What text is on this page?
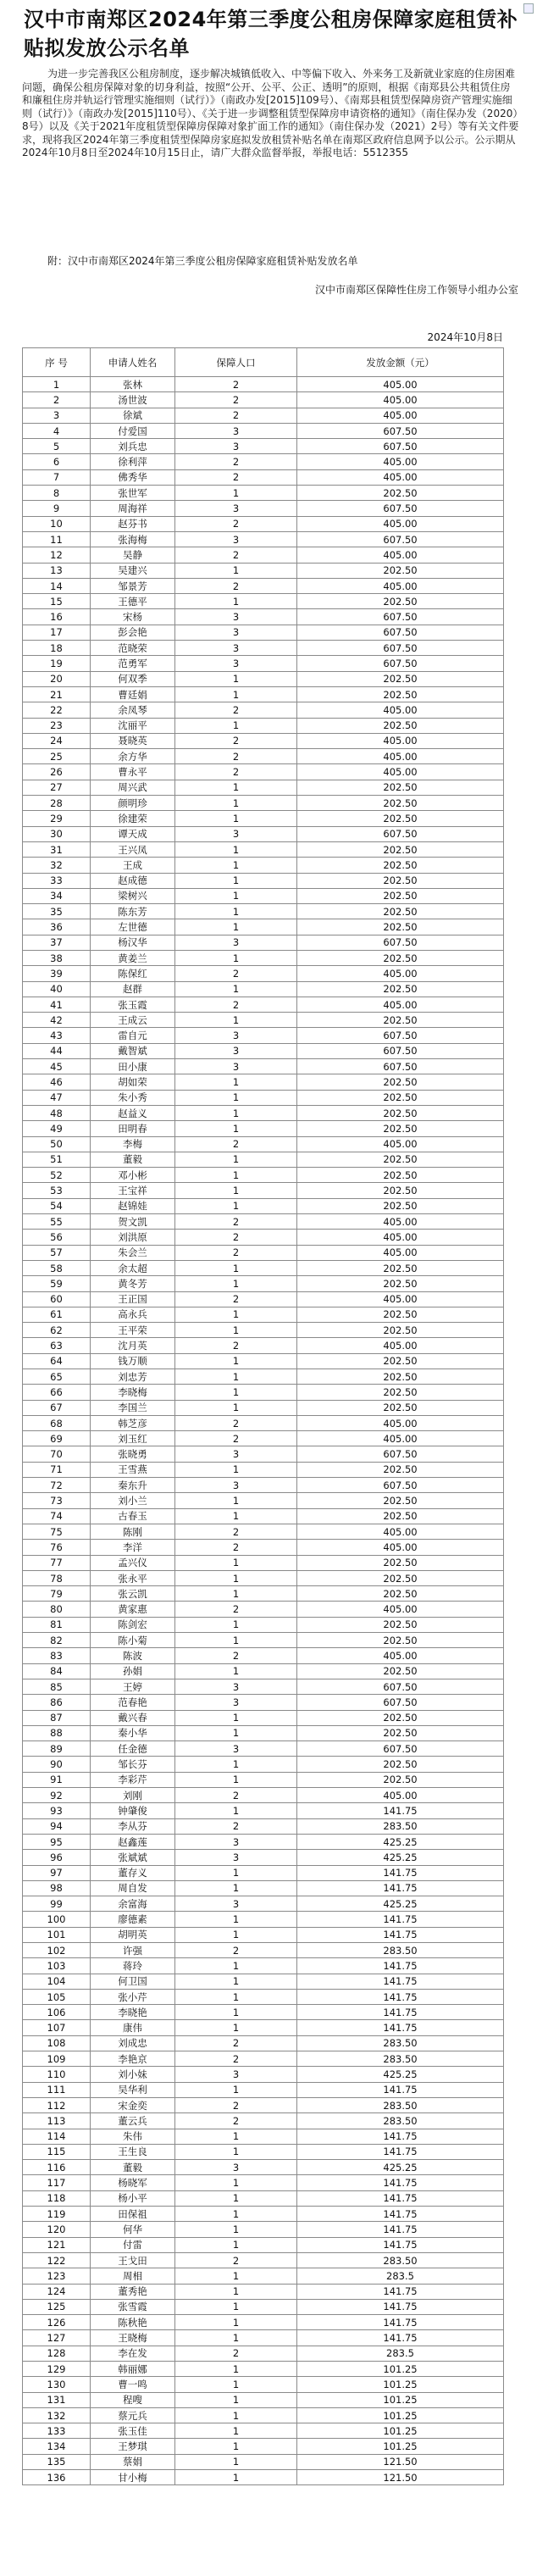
汉中市南郑区2024年第三季度公租房保障家庭租赁补贴拟发放公示名单
为进一步完善我区公租房制度，逐步解决城镇低收入、中等偏下收入、外来务工及新就业家庭的住房困难问题，确保公租房保障对象的切身利益，按照“公开、公平、公正、透明”的原则，根据《南郑县公共租赁住房和廉租住房并轨运行管理实施细则（试行）》（南政办发[2015]109号）、《南郑县租赁型保障房资产管理实施细则（试行）》（南政办发[2015]110号）、《关于进一步调整租赁型保障房申请资格的通知》（南住保办发（2020）8号）以及《关于2021年度租赁型保障房保障对象扩面工作的通知》（南住保办发（2021）2号）等有关文件要求，现将我区2024年第三季度租赁型保障房家庭拟发放租赁补贴名单在南郑区政府信息网予以公示。公示期从2024年10月8日至2024年10月15日止，请广大群众监督举报，举报电话：5512355
附：汉中市南郑区2024年第三季度公租房保障家庭租赁补贴发放名单
汉中市南郑区保障性住房工作领导小组办公室
2024年10月8日
序 号	申请人姓名	保障人口	发放金额（元）
1	张林	2	405.00
2	汤世波	2	405.00
3	徐斌	2	405.00
4	付爱国	3	607.50
5	刘兵忠	3	607.50
6	徐利萍	2	405.00
7	佛秀华	2	405.00
8	张世军	1	202.50
9	周海祥	3	607.50
10	赵芬书	2	405.00
11	张海梅	3	607.50
12	吴静	2	405.00
13	吴建兴	1	202.50
14	邹景芳	2	405.00
15	王德平	1	202.50
16	宋杨	3	607.50
17	彭会艳	3	607.50
18	范晓荣	3	607.50
19	范勇军	3	607.50
20	何双季	1	202.50
21	曹廷娟	1	202.50
22	余凤琴	2	405.00
23	沈丽平	1	202.50
24	聂晓英	2	405.00
25	余方华	2	405.00
26	曹永平	2	405.00
27	周兴武	1	202.50
28	颜明珍	1	202.50
29	徐建荣	1	202.50
30	谭天成	3	607.50
31	王兴凤	1	202.50
32	王成	1	202.50
33	赵成德	1	202.50
34	梁树兴	1	202.50
35	陈东芳	1	202.50
36	左世德	1	202.50
37	杨汉华	3	607.50
38	黄姜兰	1	202.50
39	陈保红	2	405.00
40	赵群	1	202.50
41	张玉霞	2	405.00
42	王成云	1	202.50
43	雷自元	3	607.50
44	戴智斌	3	607.50
45	田小康	3	607.50
46	胡如荣	1	202.50
47	朱小秀	1	202.50
48	赵益义	1	202.50
49	田明春	1	202.50
50	李梅	2	405.00
51	董毅	1	202.50
52	邓小彬	1	202.50
53	王宝祥	1	202.50
54	赵锦娃	1	202.50
55	贺文凯	2	405.00
56	刘洪原	2	405.00
57	朱会兰	2	405.00
58	余太超	1	202.50
59	黄冬芳	1	202.50
60	王正国	2	405.00
61	高永兵	1	202.50
62	王平荣	1	202.50
63	沈月英	2	405.00
64	钱万顺	1	202.50
65	刘忠芳	1	202.50
66	李晓梅	1	202.50
67	李国兰	1	202.50
68	韩芝彦	2	405.00
69	刘玉红	2	405.00
70	张晓勇	3	607.50
71	王雪燕	1	202.50
72	秦东升	3	607.50
73	刘小兰	1	202.50
74	古春玉	1	202.50
75	陈刚	2	405.00
76	李洋	2	405.00
77	孟兴仪	1	202.50
78	张永平	1	202.50
79	张云凯	1	202.50
80	黄家惠	2	405.00
81	陈剑宏	1	202.50
82	陈小菊	1	202.50
83	陈波	2	405.00
84	孙娟	1	202.50
85	王婷	3	607.50
86	范春艳	3	607.50
87	戴兴春	1	202.50
88	秦小华	1	202.50
89	任金德	3	607.50
90	邹长芬	1	202.50
91	李彩芹	1	202.50
92	刘刚	2	405.00
93	钟肇俊	1	141.75
94	李从芬	2	283.50
95	赵鑫莲	3	425.25
96	张斌斌	3	425.25
97	董存义	1	141.75
98	周自发	1	141.75
99	余富海	3	425.25
100	廖德素	1	141.75
101	胡明英	1	141.75
102	许强	2	283.50
103	蒋玲	1	141.75
104	何卫国	1	141.75
105	张小芹	1	141.75
106	李晓艳	1	141.75
107	康伟	1	141.75
108	刘成忠	2	283.50
109	李艳京	2	283.50
110	刘小妹	3	425.25
111	吴华利	1	141.75
112	宋金奕	2	283.50
113	董云兵	2	283.50
114	朱伟	1	141.75
115	王生良	1	141.75
116	董毅	3	425.25
117	杨晓军	1	141.75
118	杨小平	1	141.75
119	田保祖	1	141.75
120	何华	1	141.75
121	付雷	1	141.75
122	王戈田	2	283.50
123	周相	1	283.5
124	董秀艳	1	141.75
125	张雪霞	1	141.75
126	陈秋艳	1	141.75
127	王晓梅	1	141.75
128	李在发	2	283.5
129	韩丽娜	1	101.25
130	曹一鸣	1	101.25
131	程嗖	1	101.25
132	蔡元兵	1	101.25
133	张玉佳	1	101.25
134	王梦琪	1	101.25
135	蔡娟	1	121.50
136	甘小梅	1	121.50
